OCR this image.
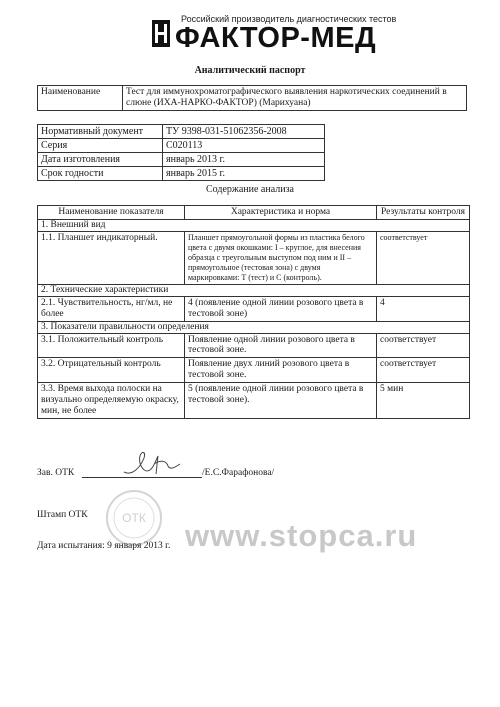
Российский производитель диагностических тестов
ФАКТОР-МЕД
Аналитический паспорт
Наименование	Тест для иммунохроматографического выявления наркотических соединений в слюне (ИХА-НАРКО-ФАКТОР) (Марихуана)
Нормативный документ	ТУ 9398-031-51062356-2008
Серия	С020113
Дата изготовления	январь 2013 г.
Срок годности	январь 2015 г.
Содержание анализа
Наименование показателя	Характеристика и норма	Результаты контроля
1. Внешний вид		
1.1. Планшет индикаторный.	Планшет прямоугольной формы из пластика белого цвета с двумя окошками: I – круглое, для внесения образца с треугольным выступом под ним и II – прямоугольное (тестовая зона) с двумя маркировками: Т (тест) и С (контроль).	соответствует
2. Технические характеристики		
2.1. Чувствительность, нг/мл, не более	4 (появление одной линии розового цвета в тестовой зоне)	4
3. Показатели правильности определения		
3.1. Положительный контроль	Появление одной линии розового цвета в тестовой зоне.	соответствует
3.2. Отрицательный контроль	Появление двух линий розового цвета в тестовой зоне.	соответствует
3.3. Время выхода полоски на визуально определяемую окраску, мин, не более	5 (появление одной линии розового цвета в тестовой зоне).	5 мин
Зав. ОТК	/Е.С.Фарафонова/
Штамп ОТК	ОТК
Дата испытания: 9 января 2013 г. www.stopca.ru
